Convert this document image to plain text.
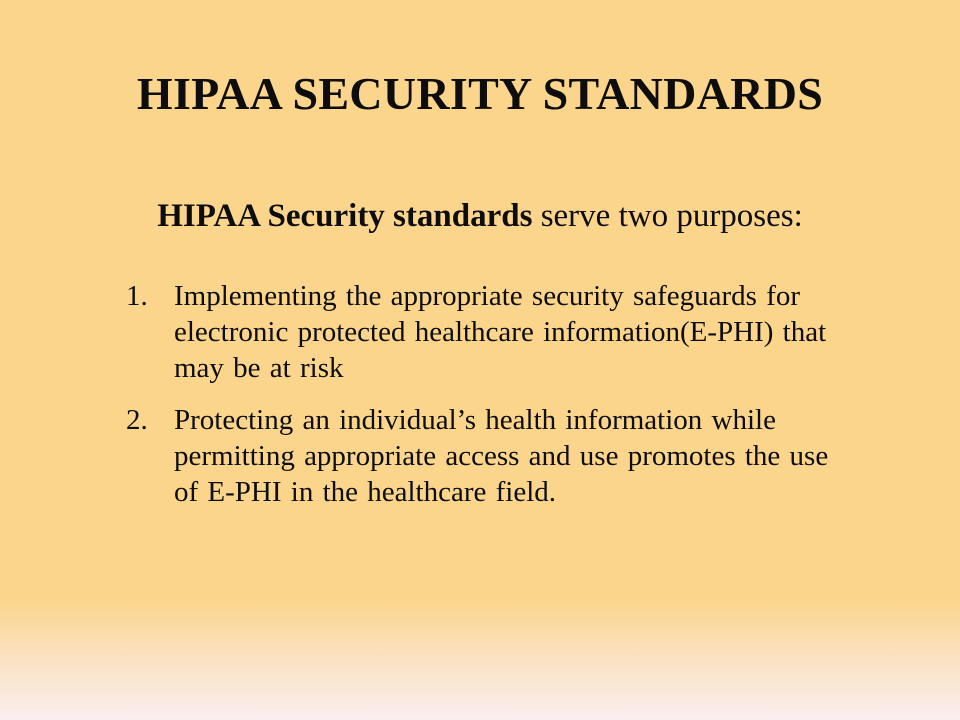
HIPAA SECURITY STANDARDS

HIPAA Security standards serve two purposes:

1. Implementing the appropriate security safeguards for electronic protected healthcare information(E-PHI) that may be at risk
2. Protecting an individual’s health information while permitting appropriate access and use promotes the use of E-PHI in the healthcare field.
